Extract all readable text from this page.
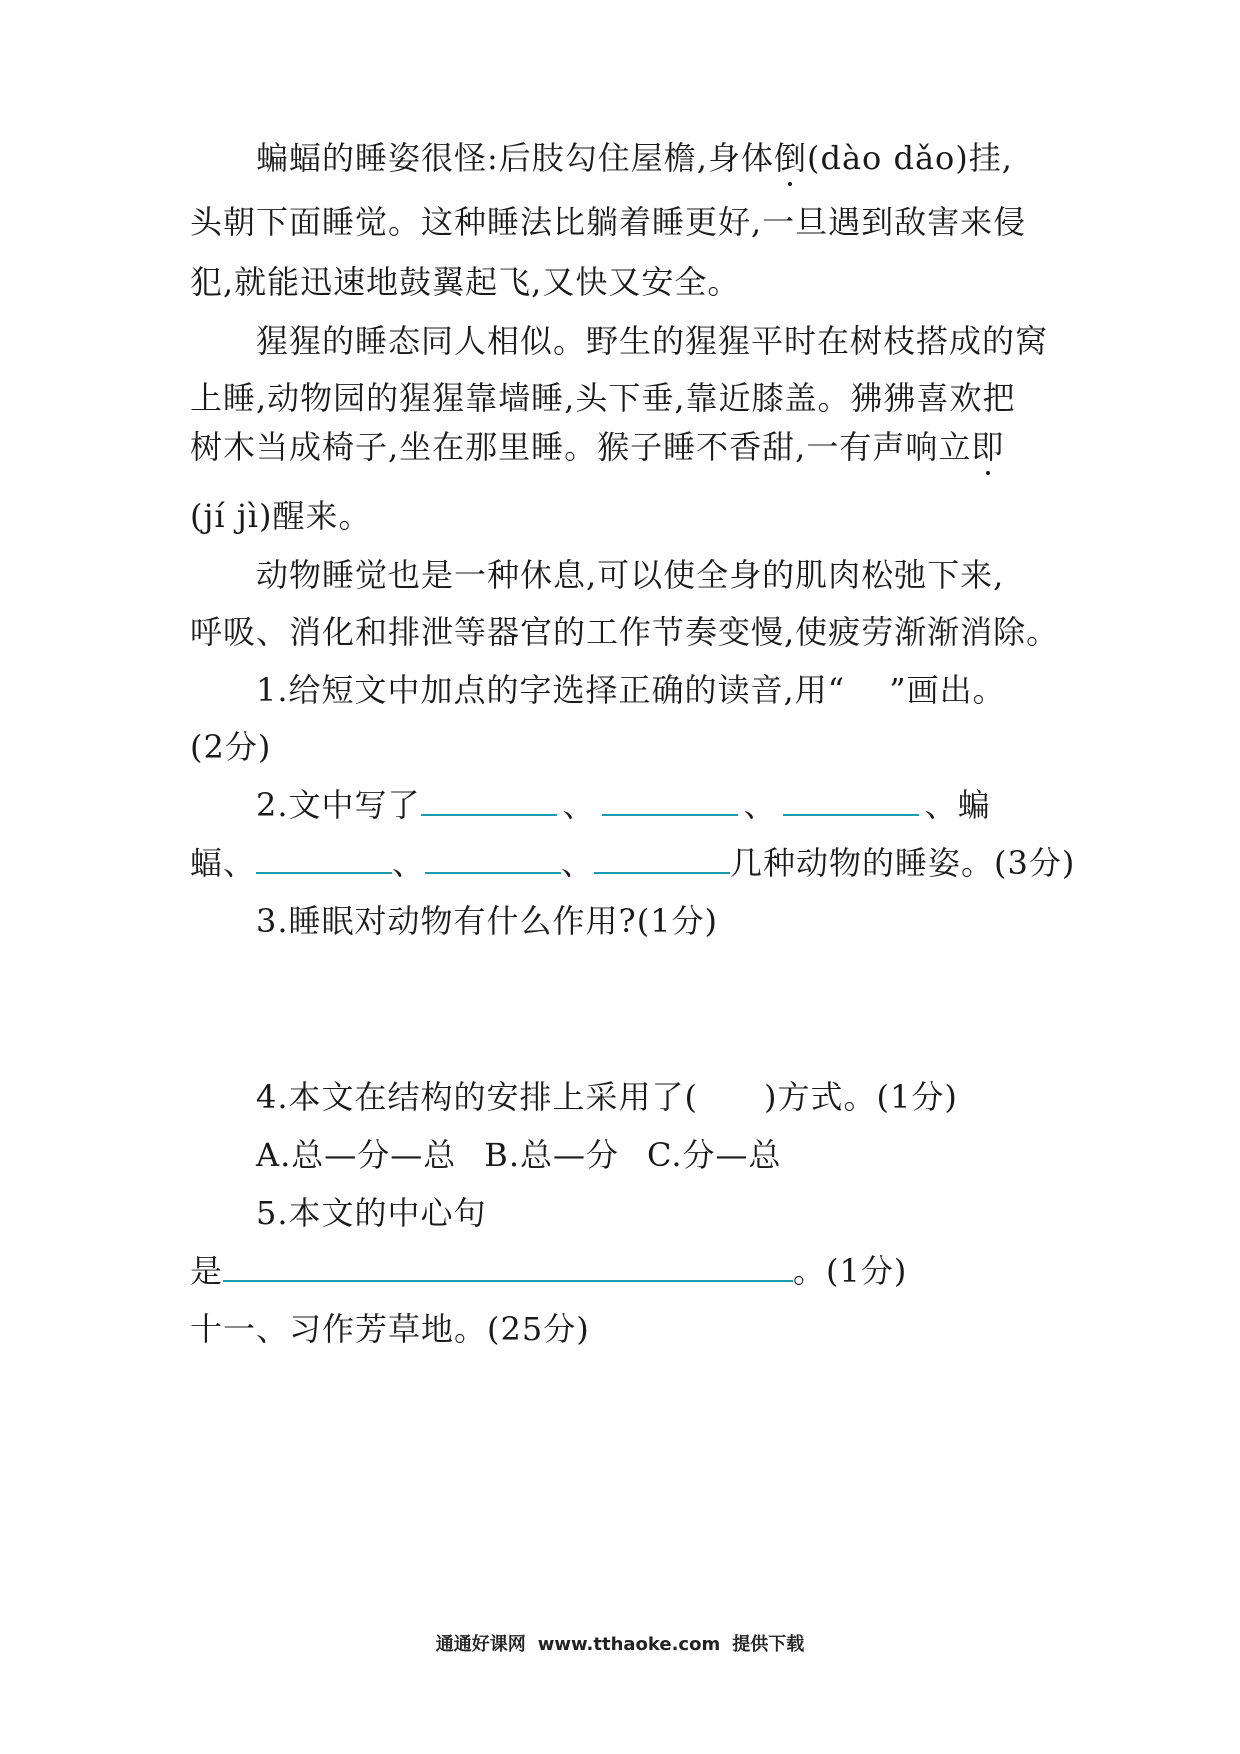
蝙蝠的睡姿很怪:后肢勾住屋檐,身体倒(dào dǎo)挂,
头朝下面睡觉。这种睡法比躺着睡更好,一旦遇到敌害来侵
犯,就能迅速地鼓翼起飞,又快又安全。
猩猩的睡态同人相似。野生的猩猩平时在树枝搭成的窝
上睡,动物园的猩猩靠墙睡,头下垂,靠近膝盖。狒狒喜欢把
树木当成椅子,坐在那里睡。猴子睡不香甜,一有声响立即
(jí jì)醒来。
动物睡觉也是一种休息,可以使全身的肌肉松弛下来,
呼吸、消化和排泄等器官的工作节奏变慢,使疲劳渐渐消除。
1.给短文中加点的字选择正确的读音,用“　 ”画出。
(2分)
2.文中写了	、	、	、蝙
蝠、	、	、	几种动物的睡姿。(3分)
3.睡眠对动物有什么作用?(1分)
4.本文在结构的安排上采用了(　　)方式。(1分)
A.总—分—总 B.总—分 C.分—总
5.本文的中心句
是	。(1分)
十一、习作芳草地。(25分)
通通好课网 www.tthaoke.com 提供下载
